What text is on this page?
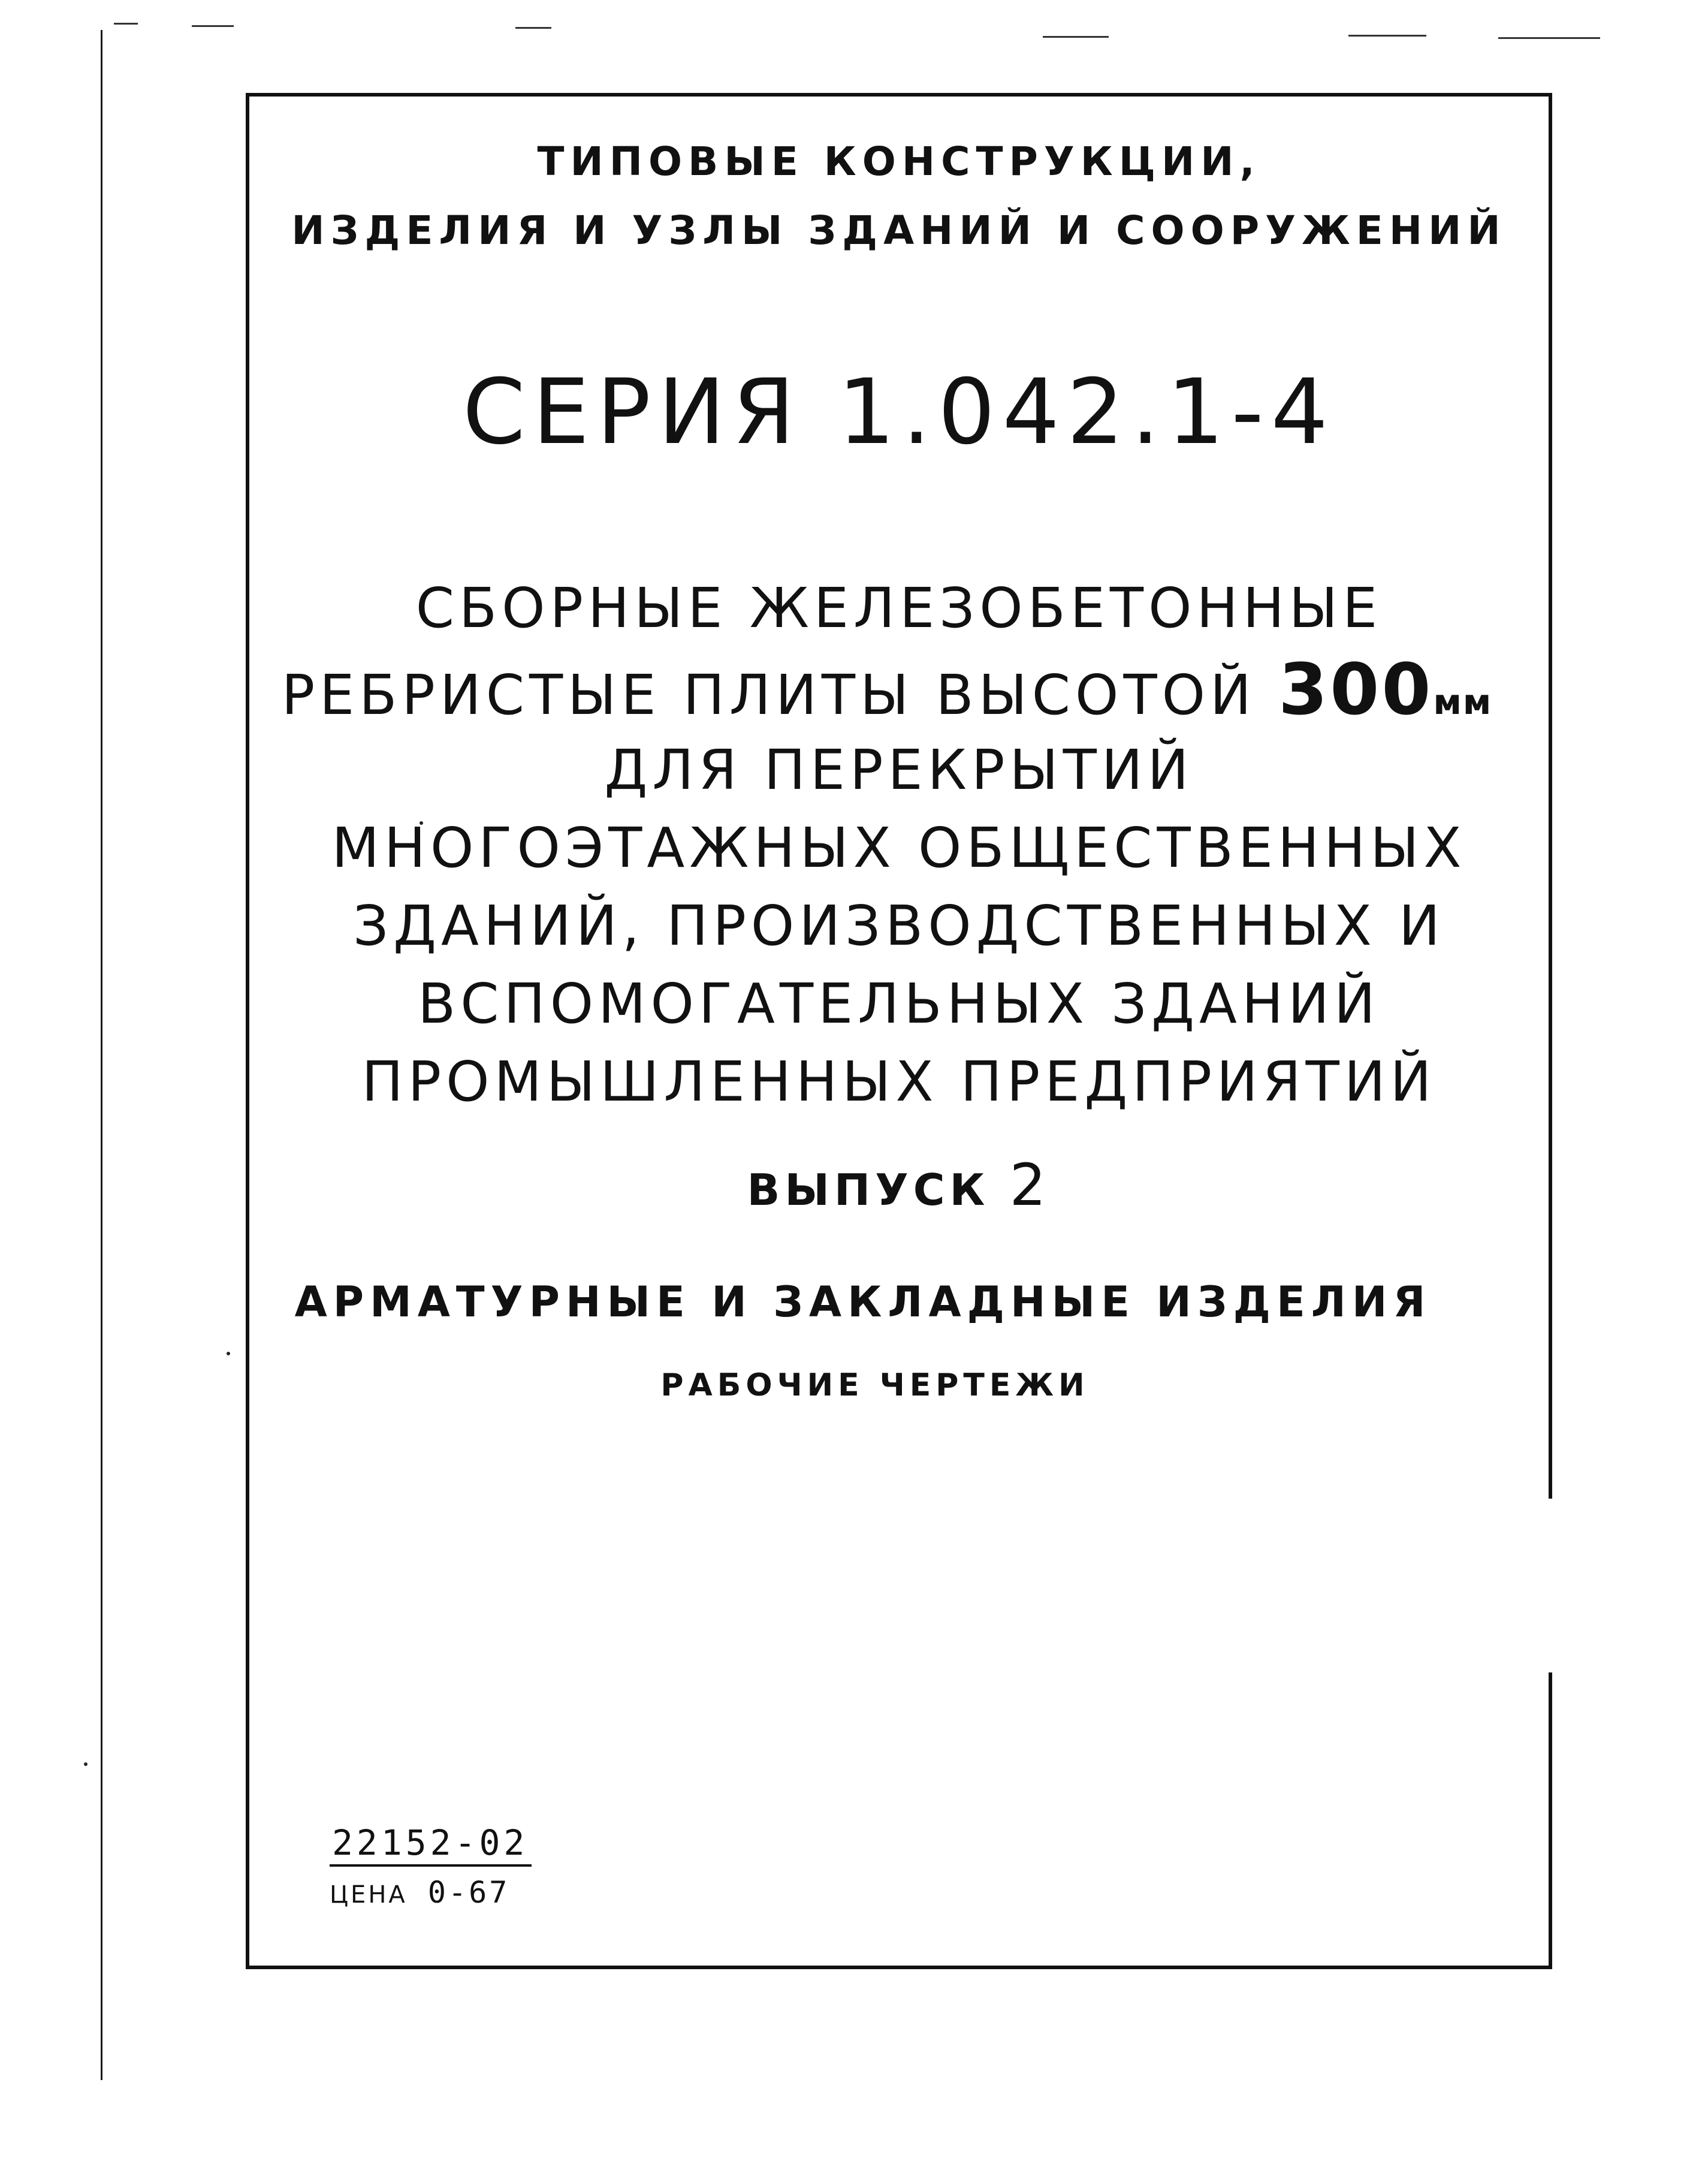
ТИПОВЫЕ КОНСТРУКЦИИ,
ИЗДЕЛИЯ И УЗЛЫ ЗДАНИЙ И СООРУЖЕНИЙ
СЕРИЯ 1.042.1-4
СБОРНЫЕ ЖЕЛЕЗОБЕТОННЫЕ
РЕБРИСТЫЕ ПЛИТЫ ВЫСОТОЙ 300мм
ДЛЯ ПЕРЕКРЫТИЙ
МНОГОЭТАЖНЫХ ОБЩЕСТВЕННЫХ
ЗДАНИЙ, ПРОИЗВОДСТВЕННЫХ И
ВСПОМОГАТЕЛЬНЫХ ЗДАНИЙ
ПРОМЫШЛЕННЫХ ПРЕДПРИЯТИЙ
ВЫПУСК 2
АРМАТУРНЫЕ И ЗАКЛАДНЫЕ ИЗДЕЛИЯ
РАБОЧИЕ ЧЕРТЕЖИ
22152-02
ЦЕНА 0-67
